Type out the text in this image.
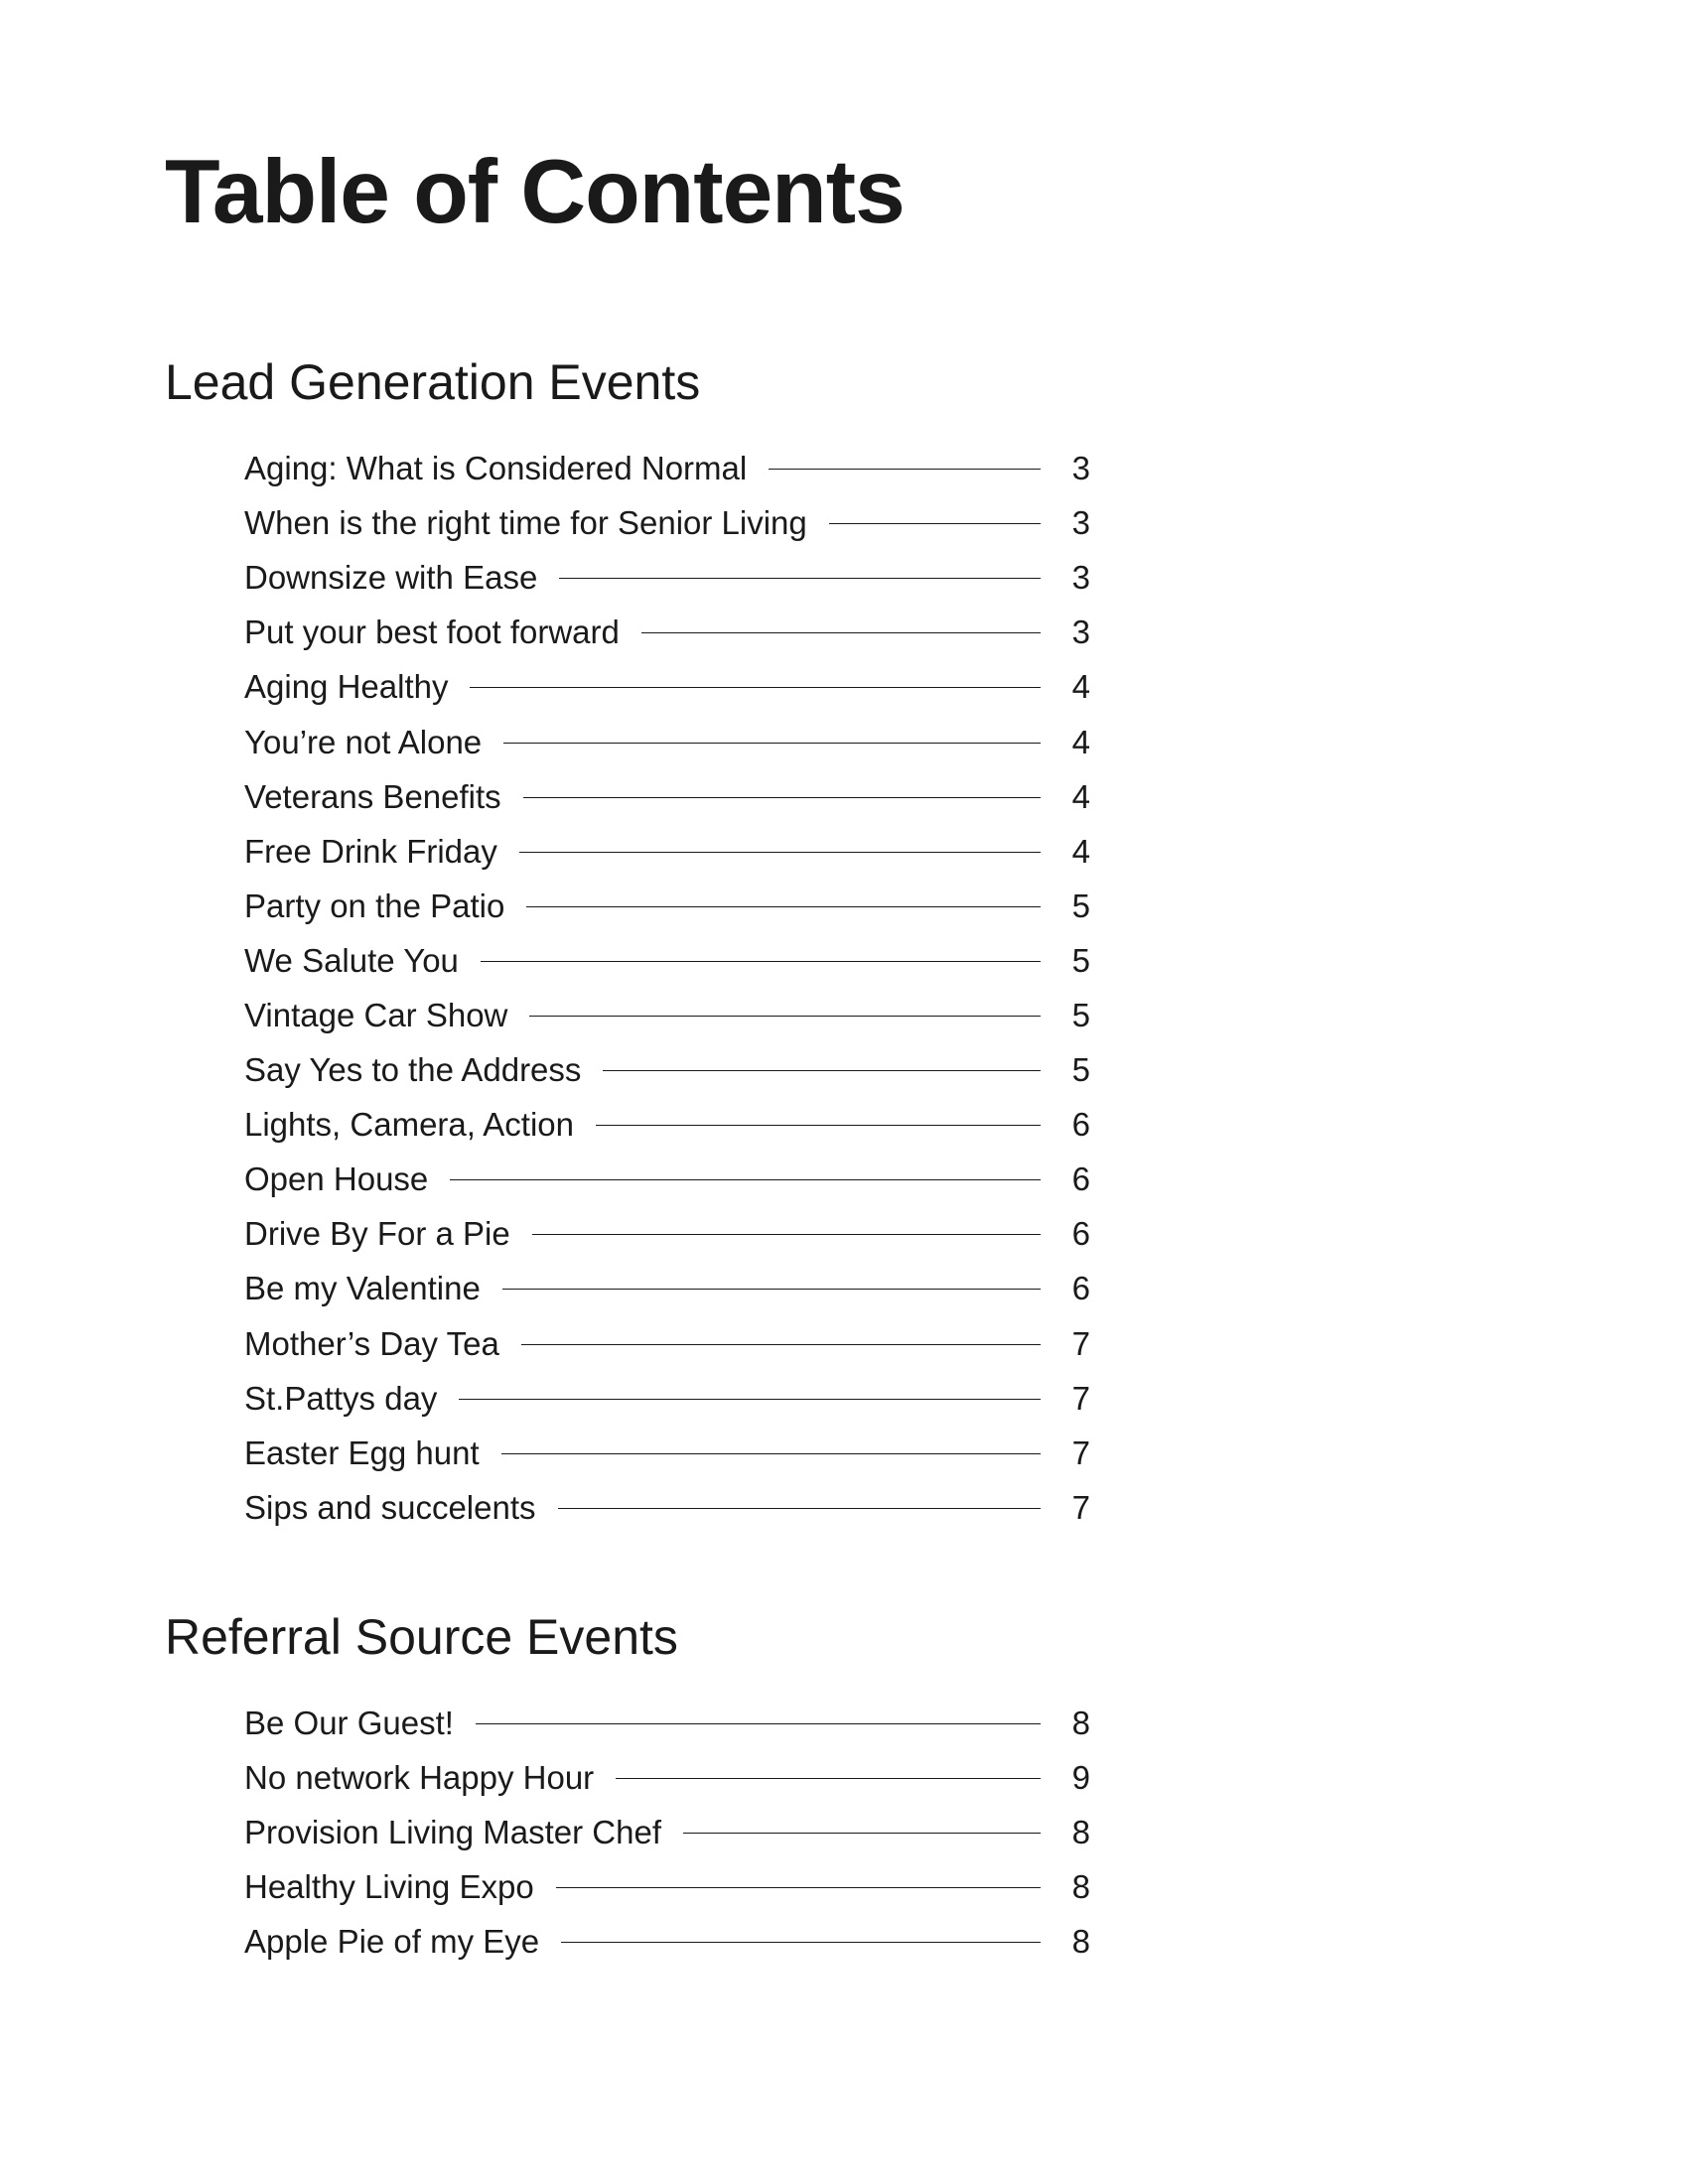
Table of Contents
Lead Generation Events
Aging: What is Considered Normal	3
When is the right time for Senior Living	3
Downsize with Ease	3
Put your best foot forward	3
Aging Healthy	4
You’re not Alone	4
Veterans Benefits	4
Free Drink Friday	4
Party on the Patio	5
We Salute You	5
Vintage Car Show	5
Say Yes to the Address	5
Lights, Camera, Action	6
Open House	6
Drive By For a Pie	6
Be my Valentine	6
Mother’s Day Tea	7
St.Pattys day	7
Easter Egg hunt	7
Sips and succelents	7
Referral Source Events
Be Our Guest!	8
No network Happy Hour	9
Provision Living Master Chef	8
Healthy Living Expo	8
Apple Pie of my Eye	8
